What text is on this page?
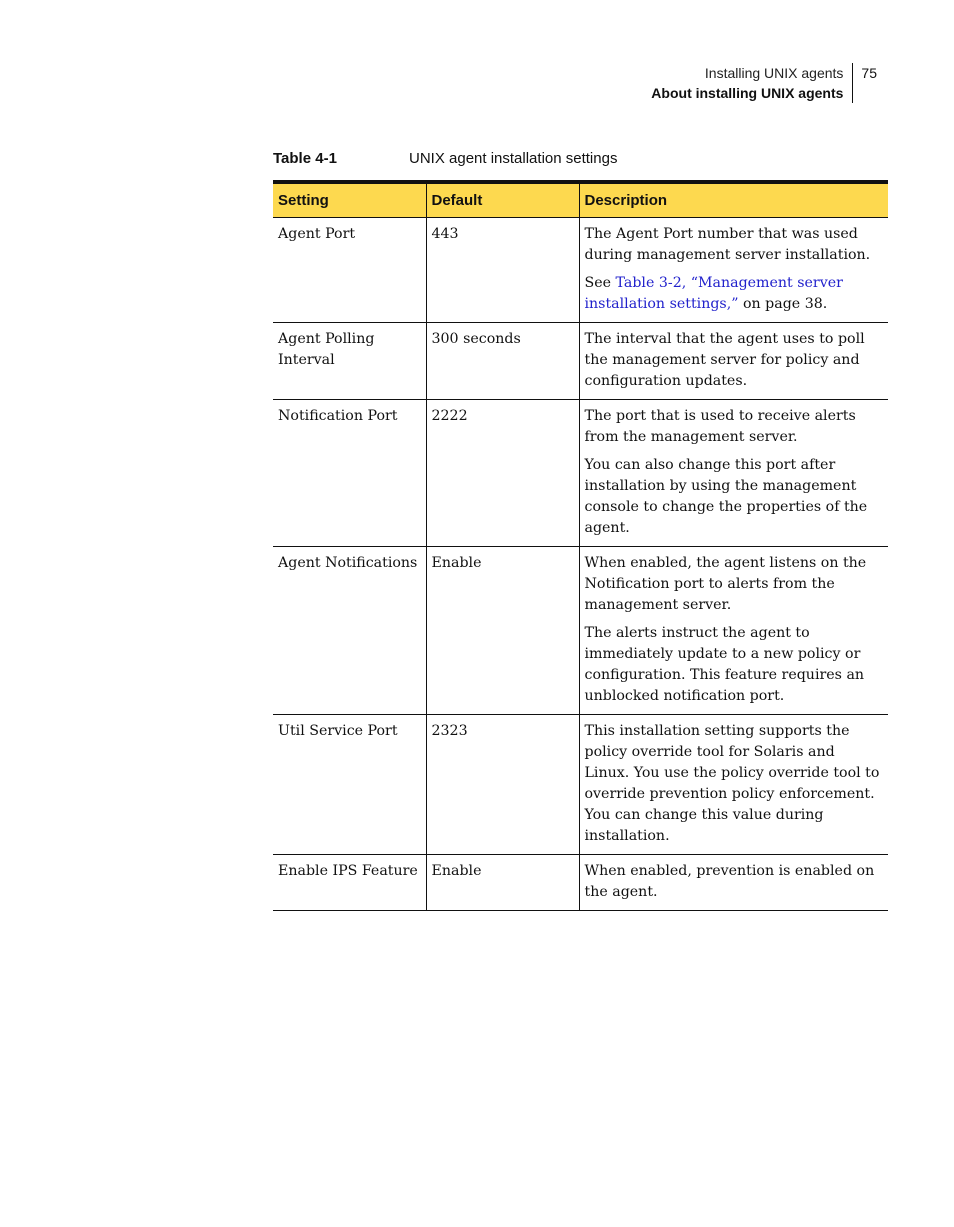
Installing UNIX agents
About installing UNIX agents
75
Table 4-1	UNIX agent installation settings
Setting	Default	Description
Agent Port	443	The Agent Port number that was used during management server installation.

See Table 3-2, “Management server installation settings,” on page 38.

Agent Polling Interval	300 seconds	The interval that the agent uses to poll the management server for policy and configuration updates.

Notification Port	2222	The port that is used to receive alerts from the management server.

You can also change this port after installation by using the management console to change the properties of the agent.

Agent Notifications	Enable	When enabled, the agent listens on the Notification port to alerts from the management server.

The alerts instruct the agent to immediately update to a new policy or configuration. This feature requires an unblocked notification port.

Util Service Port	2323	This installation setting supports the policy override tool for Solaris and Linux. You use the policy override tool to override prevention policy enforcement. You can change this value during installation.

Enable IPS Feature	Enable	When enabled, prevention is enabled on the agent.
